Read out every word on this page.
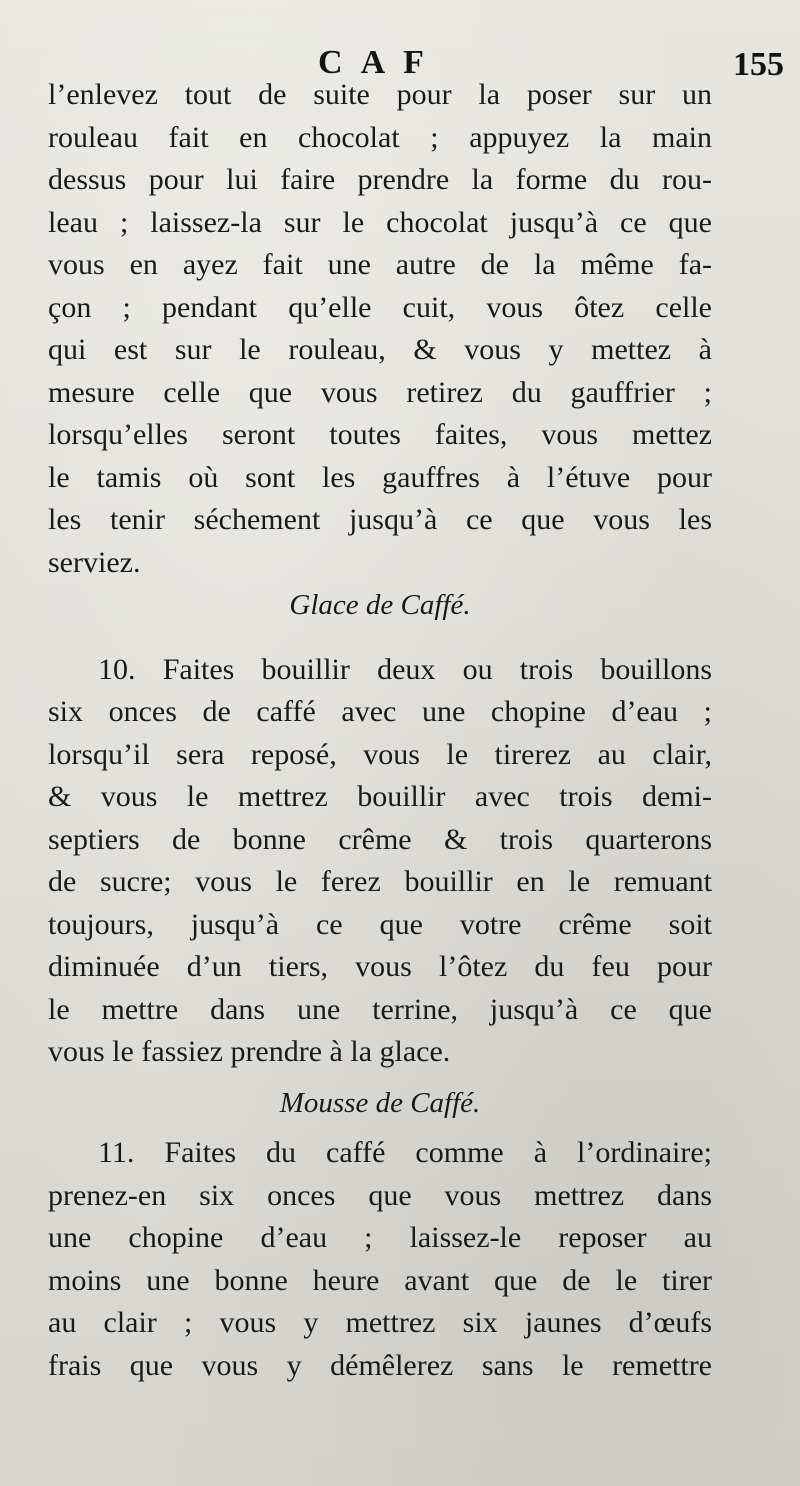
CAF	155
l’enlevez tout de suite pour la poser sur un
rouleau fait en chocolat ; appuyez la main
dessus pour lui faire prendre la forme du rou-
leau ; laissez-la sur le chocolat jusqu’à ce que
vous en ayez fait une autre de la même fa-
çon ; pendant qu’elle cuit, vous ôtez celle
qui est sur le rouleau, & vous y mettez à
mesure celle que vous retirez du gauffrier ;
lorsqu’elles seront toutes faites, vous mettez
le tamis où sont les gauffres à l’étuve pour
les tenir séchement jusqu’à ce que vous les
serviez.
Glace de Caffé.
10. Faites bouillir deux ou trois bouillons
six onces de caffé avec une chopine d’eau ;
lorsqu’il sera reposé, vous le tirerez au clair,
& vous le mettrez bouillir avec trois demi-
septiers de bonne crême & trois quarterons
de sucre; vous le ferez bouillir en le remuant
toujours, jusqu’à ce que votre crême soit
diminuée d’un tiers, vous l’ôtez du feu pour
le mettre dans une terrine, jusqu’à ce que
vous le fassiez prendre à la glace.
Mousse de Caffé.
11. Faites du caffé comme à l’ordinaire;
prenez-en six onces que vous mettrez dans
une chopine d’eau ; laissez-le reposer au
moins une bonne heure avant que de le tirer
au clair ; vous y mettrez six jaunes d’œufs
frais que vous y démêlerez sans le remettre
